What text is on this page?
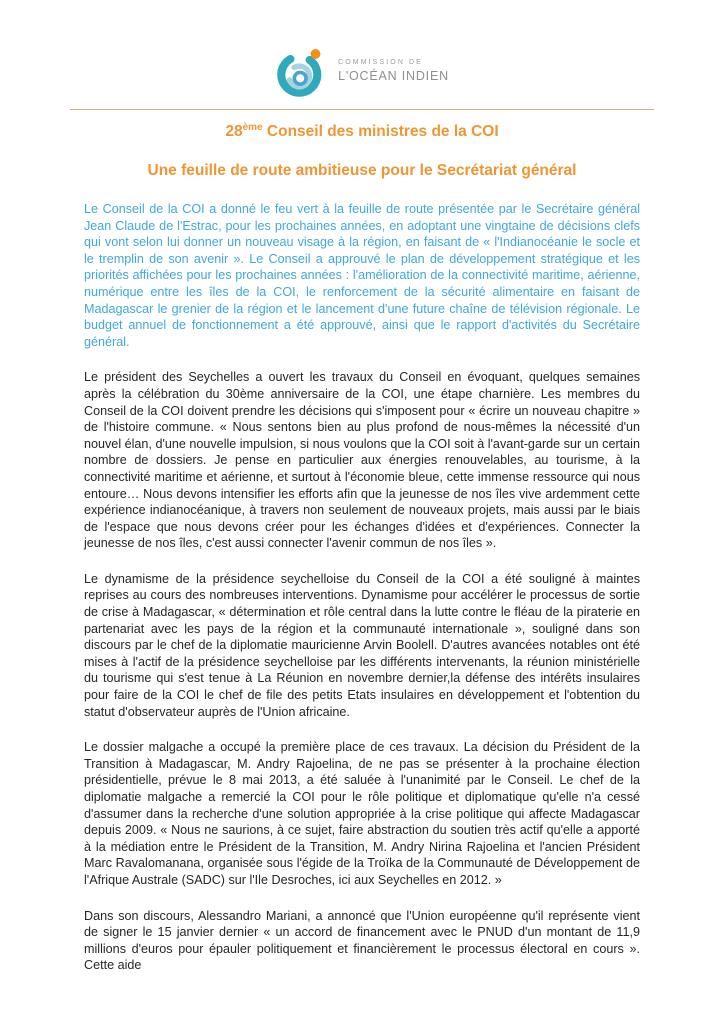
COMMISSION DE
L'OCÉAN INDIEN
28ème Conseil des ministres de la COI
Une feuille de route ambitieuse pour le Secrétariat général

Le Conseil de la COI a donné le feu vert à la feuille de route présentée par le Secrétaire général Jean Claude de l'Estrac, pour les prochaines années, en adoptant une vingtaine de décisions clefs qui vont selon lui donner un nouveau visage à la région, en faisant de « l'Indianocéanie le socle et le tremplin de son avenir ». Le Conseil a approuvé le plan de développement stratégique et les priorités affichées pour les prochaines années : l'amélioration de la connectivité maritime, aérienne, numérique entre les îles de la COI, le renforcement de la sécurité alimentaire en faisant de Madagascar le grenier de la région et le lancement d'une future chaîne de télévision régionale. Le budget annuel de fonctionnement a été approuvé, ainsi que le rapport d'activités du Secrétaire général.

Le président des Seychelles a ouvert les travaux du Conseil en évoquant, quelques semaines après la célébration du 30ème anniversaire de la COI, une étape charnière. Les membres du Conseil de la COI doivent prendre les décisions qui s'imposent pour « écrire un nouveau chapitre » de l'histoire commune. « Nous sentons bien au plus profond de nous-mêmes la nécessité d'un nouvel élan, d'une nouvelle impulsion, si nous voulons que la COI soit à l'avant-garde sur un certain nombre de dossiers. Je pense en particulier aux énergies renouvelables, au tourisme, à la connectivité maritime et aérienne, et surtout à l'économie bleue, cette immense ressource qui nous entoure… Nous devons intensifier les efforts afin que la jeunesse de nos îles vive ardemment cette expérience indianocéanique, à travers non seulement de nouveaux projets, mais aussi par le biais de l'espace que nous devons créer pour les échanges d'idées et d'expériences. Connecter la jeunesse de nos îles, c'est aussi connecter l'avenir commun de nos îles ».

Le dynamisme de la présidence seychelloise du Conseil de la COI a été souligné à maintes reprises au cours des nombreuses interventions. Dynamisme pour accélérer le processus de sortie de crise à Madagascar, « détermination et rôle central dans la lutte contre le fléau de la piraterie en partenariat avec les pays de la région et la communauté internationale », souligné dans son discours par le chef de la diplomatie mauricienne Arvin Boolell. D'autres avancées notables ont été mises à l'actif de la présidence seychelloise par les différents intervenants, la réunion ministérielle du tourisme qui s'est tenue à La Réunion en novembre dernier,la défense des intérêts insulaires pour faire de la COI le chef de file des petits Etats insulaires en développement et l'obtention du statut d'observateur auprès de l'Union africaine.

Le dossier malgache a occupé la première place de ces travaux. La décision du Président de la Transition à Madagascar, M. Andry Rajoelina, de ne pas se présenter à la prochaine élection présidentielle, prévue le 8 mai 2013, a été saluée à l'unanimité par le Conseil. Le chef de la diplomatie malgache a remercié la COI pour le rôle politique et diplomatique qu'elle n'a cessé d'assumer dans la recherche d'une solution appropriée à la crise politique qui affecte Madagascar depuis 2009. « Nous ne saurions, à ce sujet, faire abstraction du soutien très actif qu'elle a apporté à la médiation entre le Président de la Transition, M. Andry Nirina Rajoelina et l'ancien Président Marc Ravalomanana, organisée sous l'égide de la Troïka de la Communauté de Développement de l'Afrique Australe (SADC) sur l'Ile Desroches, ici aux Seychelles en 2012. »

Dans son discours, Alessandro Mariani, a annoncé que l'Union européenne qu'il représente vient de signer le 15 janvier dernier « un accord de financement avec le PNUD d'un montant de 11,9 millions d'euros pour épauler politiquement et financièrement le processus électoral en cours ». Cette aide
